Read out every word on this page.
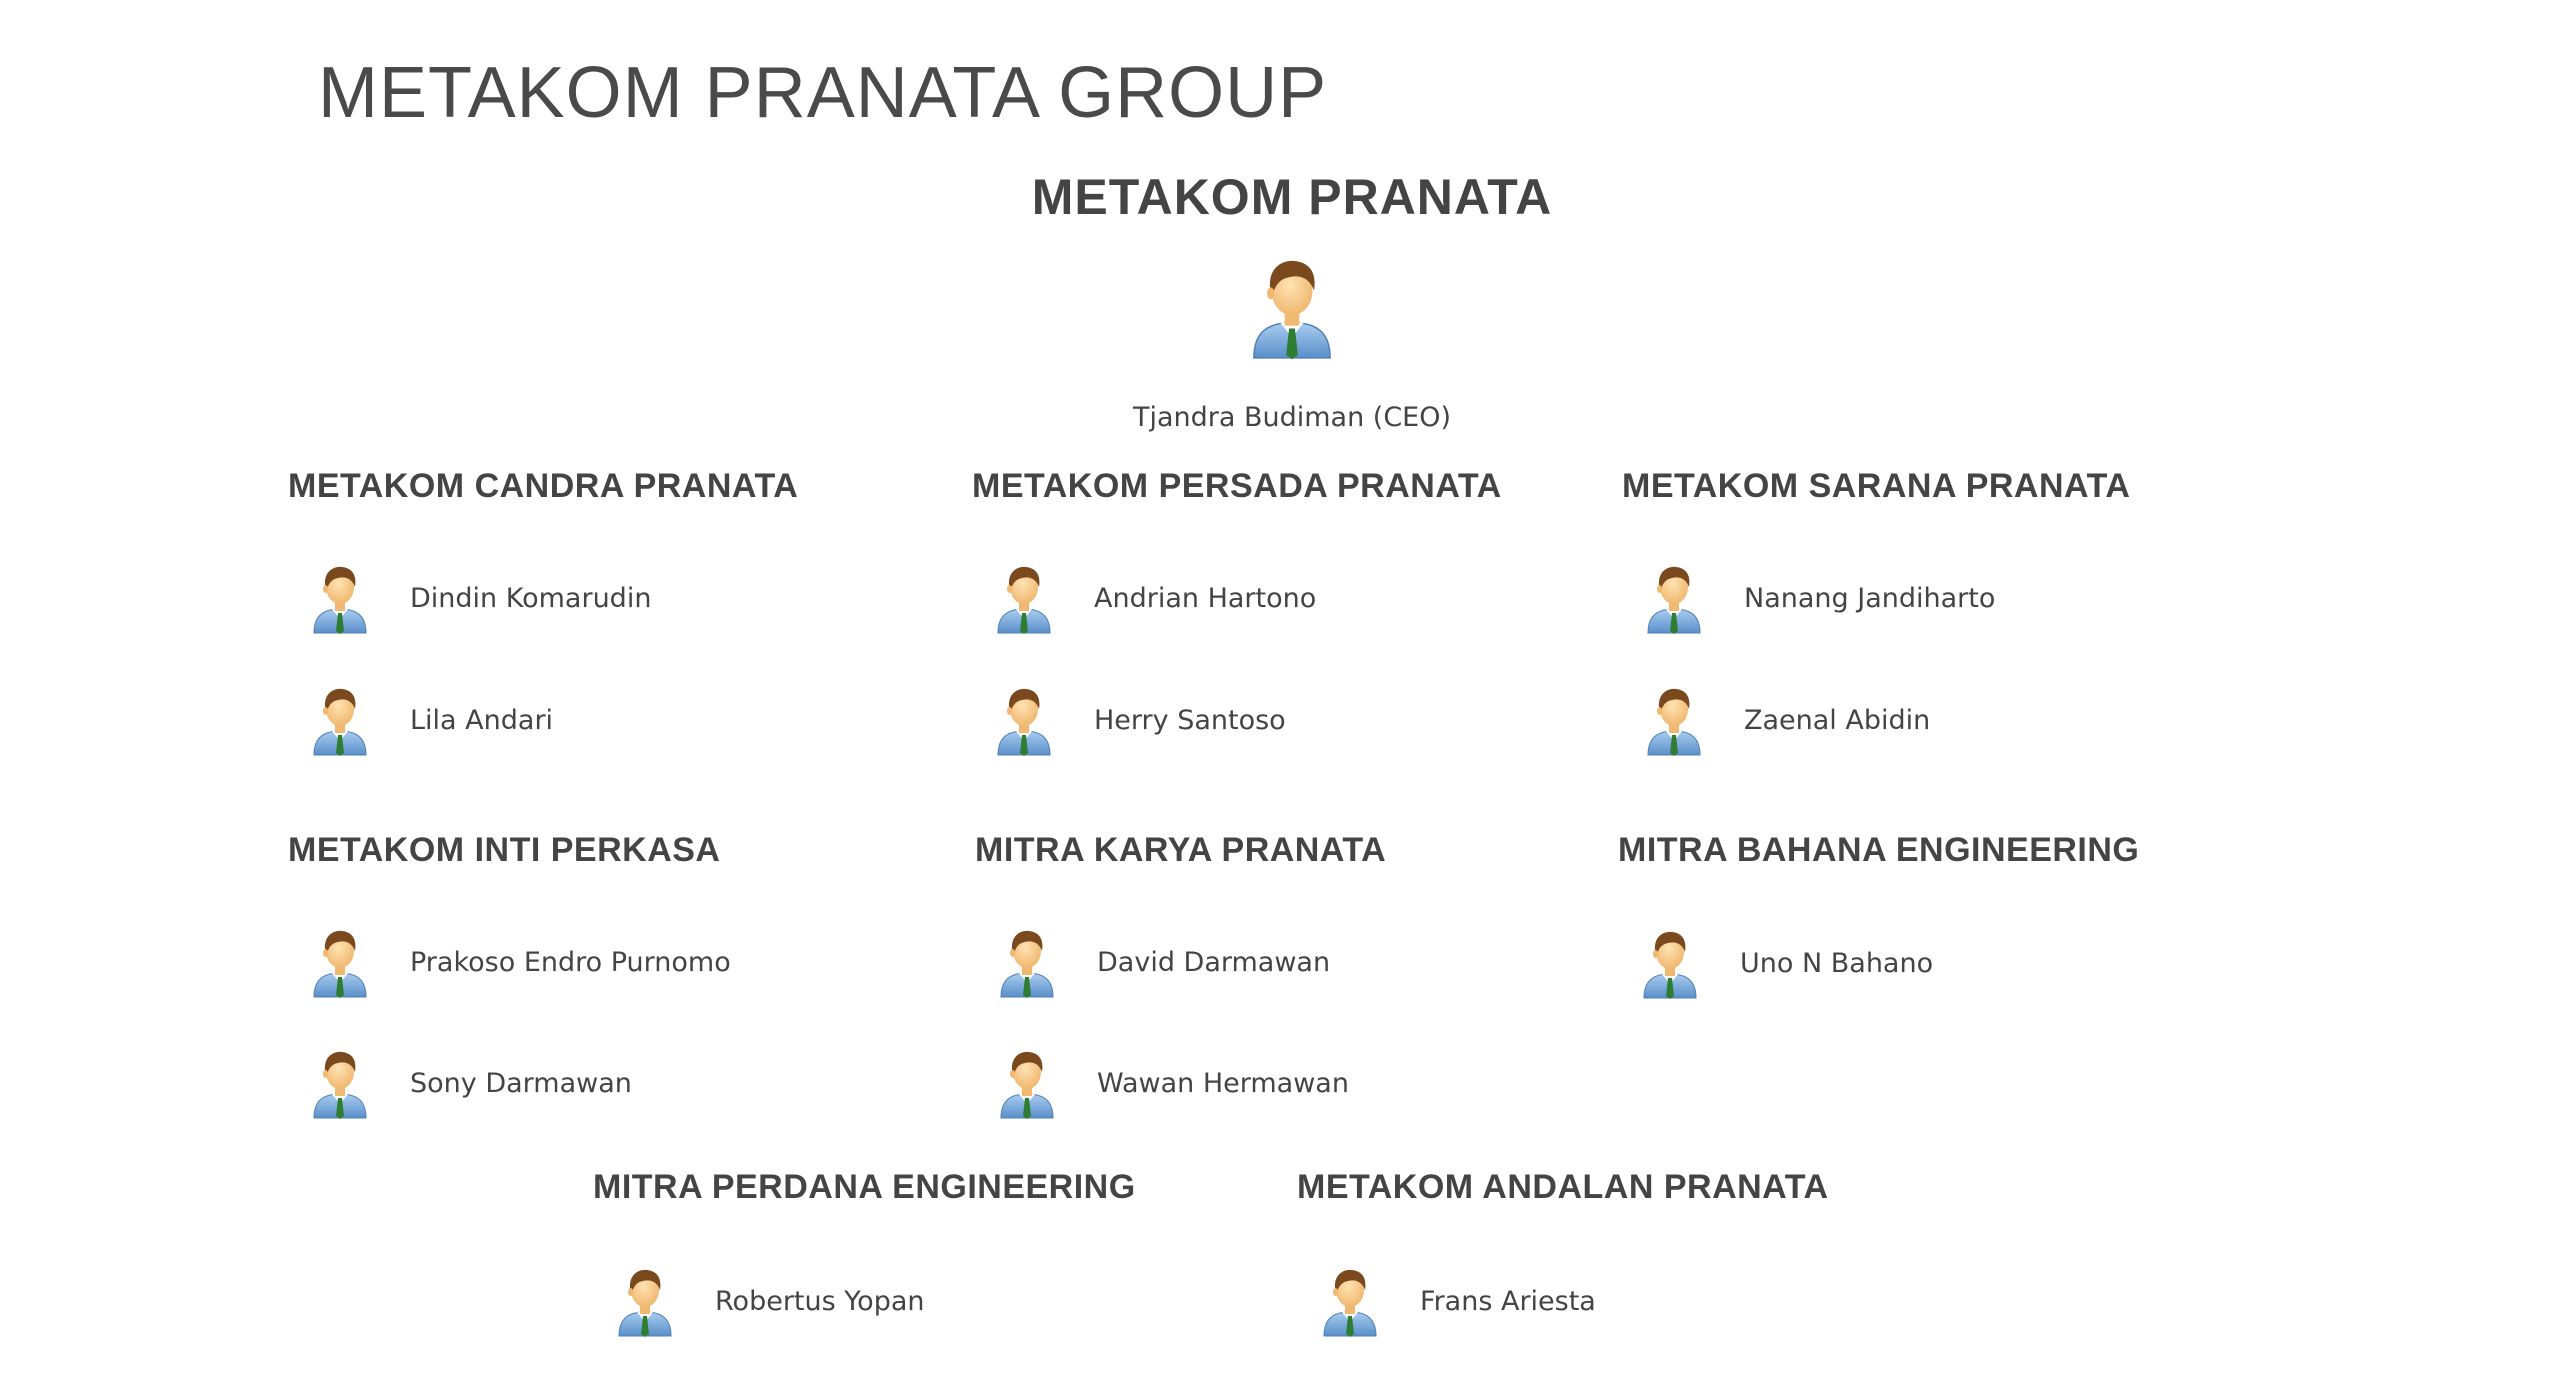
METAKOM PRANATA GROUP
METAKOM PRANATA
Tjandra Budiman (CEO)
METAKOM CANDRA PRANATA
Dindin Komarudin
Lila Andari
METAKOM PERSADA PRANATA
Andrian Hartono
Herry Santoso
METAKOM SARANA PRANATA
Nanang Jandiharto
Zaenal Abidin
METAKOM INTI PERKASA
Prakoso Endro Purnomo
Sony Darmawan
MITRA KARYA PRANATA
David Darmawan
Wawan Hermawan
MITRA BAHANA ENGINEERING
Uno N Bahano
MITRA PERDANA ENGINEERING
Robertus Yopan
METAKOM ANDALAN PRANATA
Frans Ariesta
